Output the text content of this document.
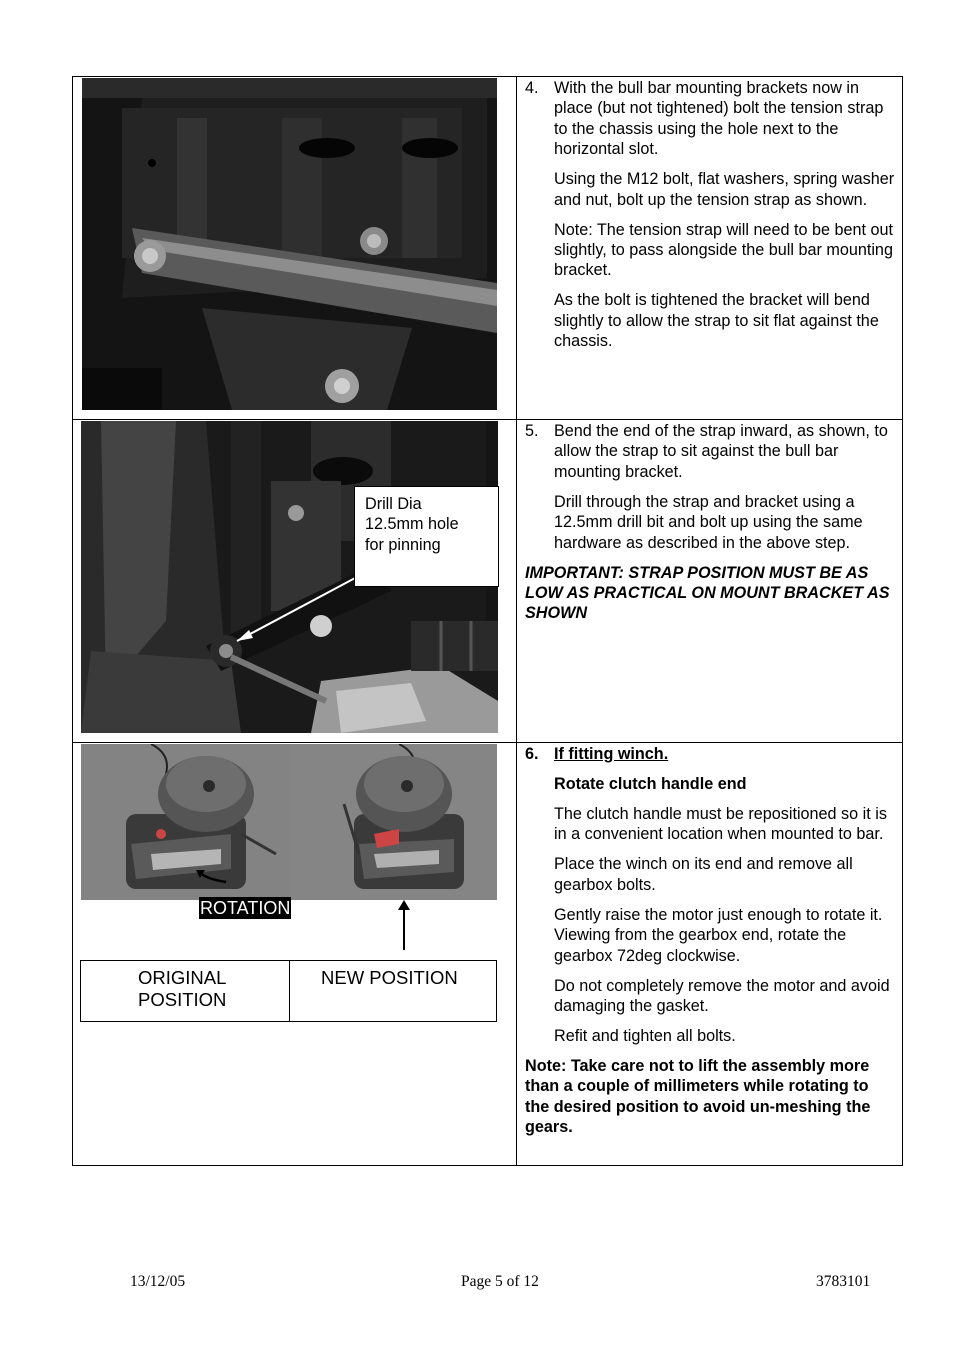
4. With the bull bar mounting brackets now in place (but not tightened) bolt the tension strap to the chassis using the hole next to the horizontal slot.
Using the M12 bolt, flat washers, spring washer and nut, bolt up the tension strap as shown.
Note: The tension strap will need to be bent out slightly, to pass alongside the bull bar mounting bracket.
As the bolt is tightened the bracket will bend slightly to allow the strap to sit flat against the chassis.
Drill Dia
12.5mm hole
for pinning
5. Bend the end of the strap inward, as shown, to allow the strap to sit against the bull bar mounting bracket.
Drill through the strap and bracket using a 12.5mm drill bit and bolt up using the same hardware as described in the above step.
IMPORTANT: STRAP POSITION MUST BE AS LOW AS PRACTICAL ON MOUNT BRACKET AS SHOWN
ROTATION
ORIGINAL
POSITION
NEW POSITION
6. If fitting winch.
Rotate clutch handle end
The clutch handle must be repositioned so it is in a convenient location when mounted to bar.
Place the winch on its end and remove all gearbox bolts.
Gently raise the motor just enough to rotate it. Viewing from the gearbox end, rotate the gearbox 72deg clockwise.
Do not completely remove the motor and avoid damaging the gasket.
Refit and tighten all bolts.
Note: Take care not to lift the assembly more than a couple of millimeters while rotating to the desired position to avoid un-meshing the gears.
13/12/05	Page 5 of 12	3783101
